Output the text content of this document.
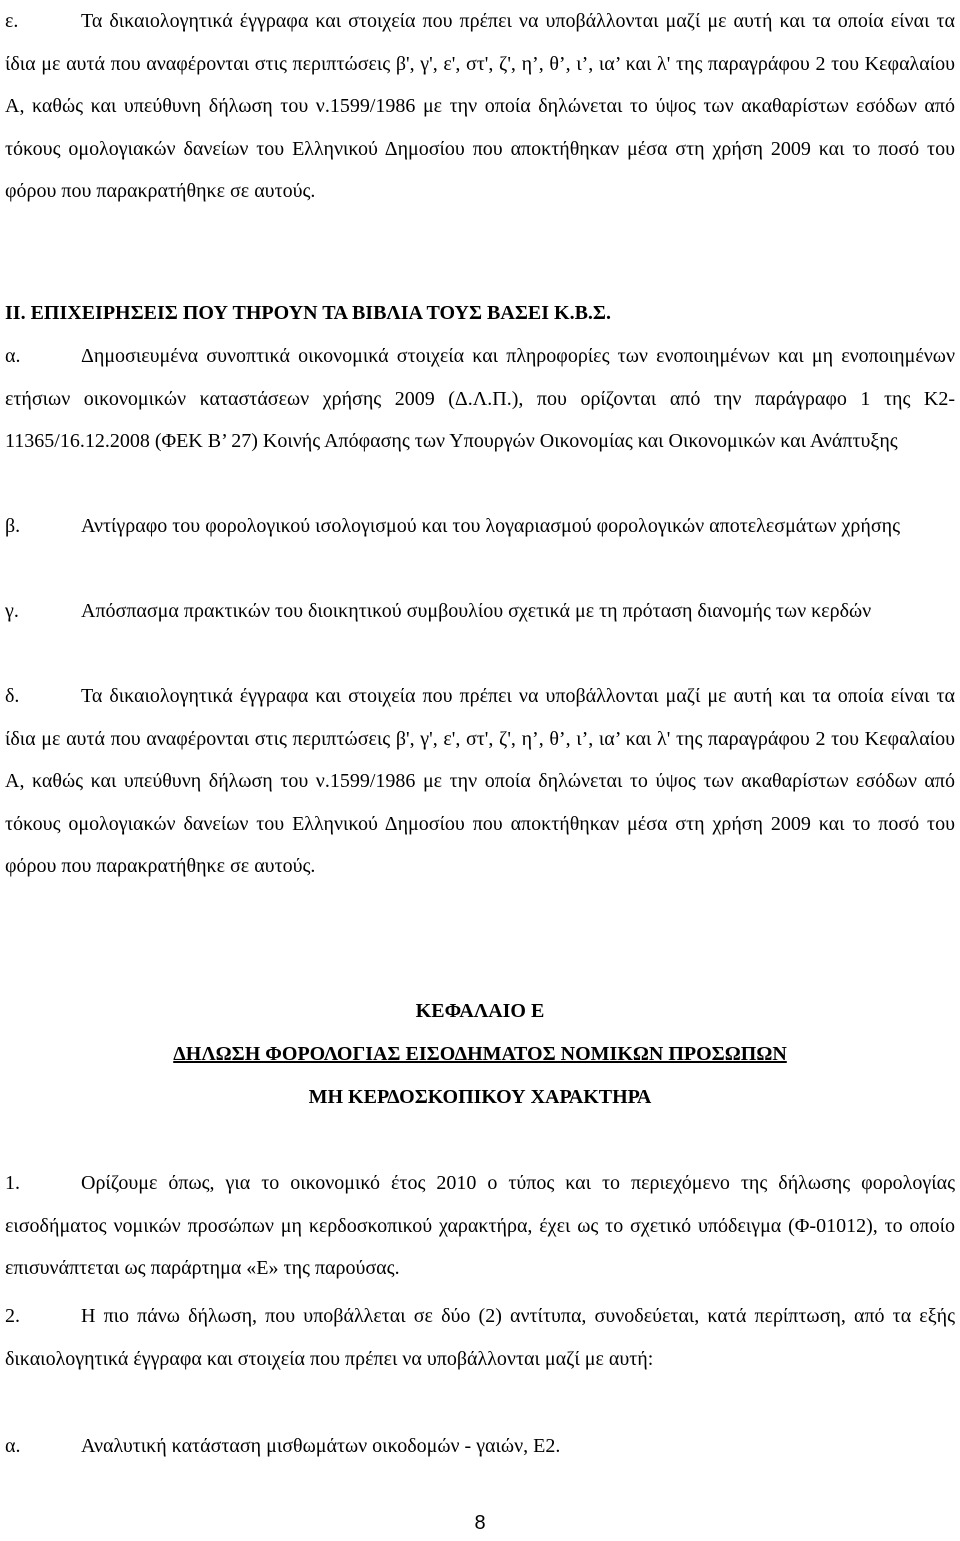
ε.	Τα δικαιολογητικά έγγραφα και στοιχεία που πρέπει να υποβάλλονται μαζί με αυτή και τα οποία είναι τα ίδια με αυτά που αναφέρονται στις περιπτώσεις β', γ', ε', στ', ζ', η’, θ’, ι’, ια’ και λ' της παραγράφου 2 του Κεφαλαίου Α, καθώς και υπεύθυνη δήλωση του ν.1599/1986 με την οποία δηλώνεται το ύψος των ακαθαρίστων εσόδων από τόκους ομολογιακών δανείων του Ελληνικού Δημοσίου που αποκτήθηκαν μέσα στη χρήση 2009 και το ποσό του φόρου που παρακρατήθηκε σε αυτούς.

ΙΙ. ΕΠΙΧΕΙΡΗΣΕΙΣ ΠΟΥ ΤΗΡΟΥΝ ΤΑ ΒΙΒΛΙΑ ΤΟΥΣ ΒΑΣΕΙ Κ.Β.Σ.

α.	Δημοσιευμένα συνοπτικά οικονομικά στοιχεία και πληροφορίες των ενοποιημένων και μη ενοποιημένων ετήσιων οικονομικών καταστάσεων χρήσης 2009 (Δ.Λ.Π.), που ορίζονται από την παράγραφο 1 της Κ2-11365/16.12.2008 (ΦΕΚ Β’ 27) Κοινής Απόφασης των Υπουργών Οικονομίας και Οικονομικών και Ανάπτυξης

β.	Αντίγραφο του φορολογικού ισολογισμού και του λογαριασμού φορολογικών αποτελεσμάτων χρήσης

γ.	Απόσπασμα πρακτικών του διοικητικού συμβουλίου σχετικά με τη πρόταση διανομής των κερδών

δ.	Τα δικαιολογητικά έγγραφα και στοιχεία που πρέπει να υποβάλλονται μαζί με αυτή και τα οποία είναι τα ίδια με αυτά που αναφέρονται στις περιπτώσεις β', γ', ε', στ', ζ', η’, θ’, ι’, ια’ και λ' της παραγράφου 2 του Κεφαλαίου Α, καθώς και υπεύθυνη δήλωση του ν.1599/1986 με την οποία δηλώνεται το ύψος των ακαθαρίστων εσόδων από τόκους ομολογιακών δανείων του Ελληνικού Δημοσίου που αποκτήθηκαν μέσα στη χρήση 2009 και το ποσό του φόρου που παρακρατήθηκε σε αυτούς.

ΚΕΦΑΛΑΙΟ Ε

ΔΗΛΩΣΗ ΦΟΡΟΛΟΓΙΑΣ ΕΙΣΟΔΗΜΑΤΟΣ ΝΟΜΙΚΩΝ ΠΡΟΣΩΠΩΝ

ΜΗ ΚΕΡΔΟΣΚΟΠΙΚΟΥ ΧΑΡΑΚΤΗΡΑ

1.	Ορίζουμε όπως, για το οικονομικό έτος 2010 ο τύπος και το περιεχόμενο της δήλωσης φορολογίας εισοδήματος νομικών προσώπων μη κερδοσκοπικού χαρακτήρα, έχει ως το σχετικό υπόδειγμα (Φ-01012), το οποίο επισυνάπτεται ως παράρτημα «Ε» της παρούσας.

2.	Η πιο πάνω δήλωση, που υποβάλλεται σε δύο (2) αντίτυπα, συνοδεύεται, κατά περίπτωση, από τα εξής δικαιολογητικά έγγραφα και στοιχεία που πρέπει να υποβάλλονται μαζί με αυτή:

α.	Αναλυτική κατάσταση μισθωμάτων οικοδομών - γαιών, Ε2.

8
